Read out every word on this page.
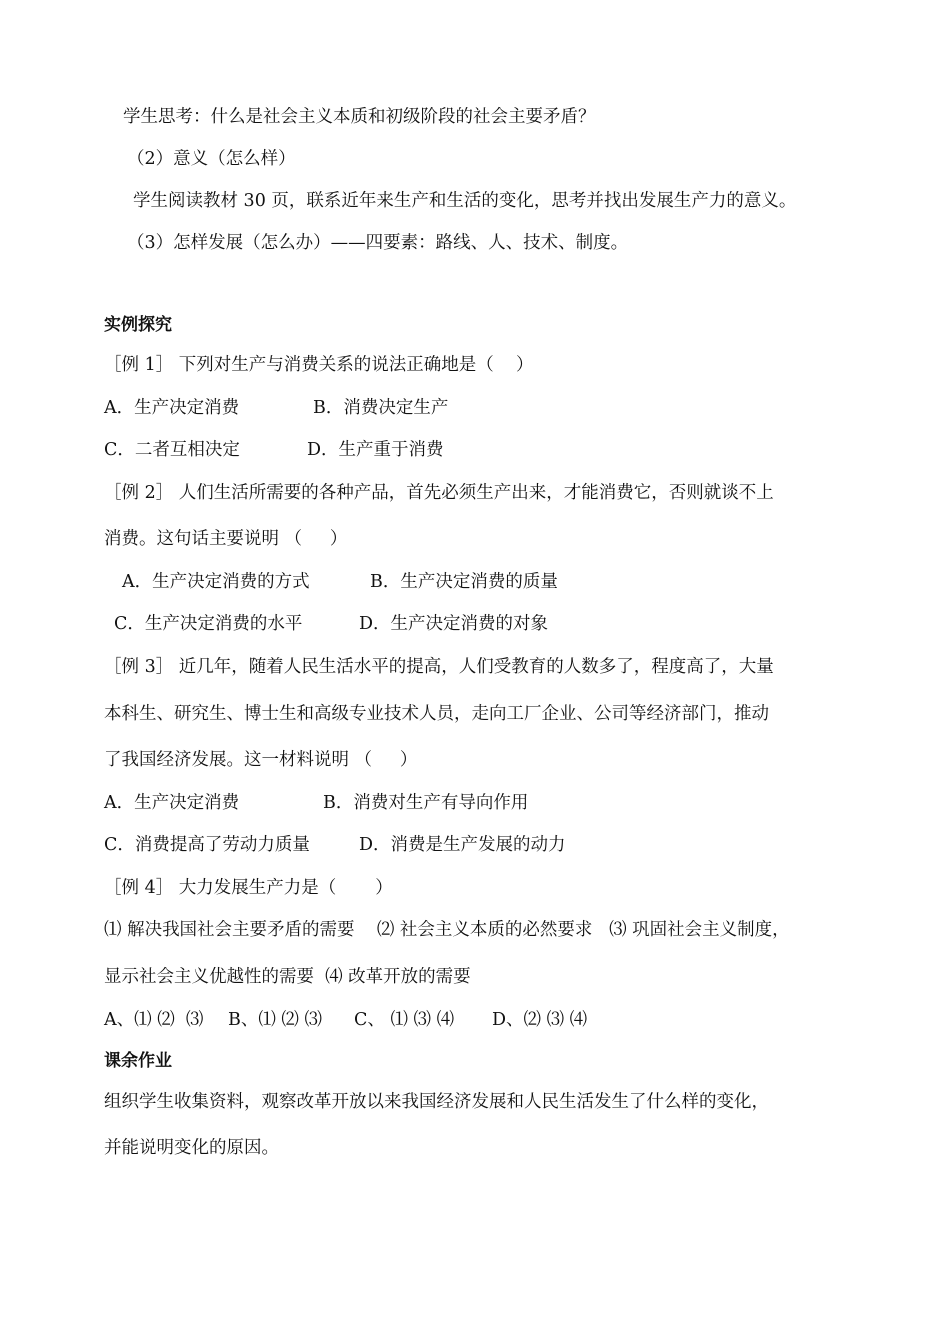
学生思考：什么是社会主义本质和初级阶段的社会主要矛盾？
（2）意义（怎么样）
学生阅读教材 30 页，联系近年来生产和生活的变化，思考并找出发展生产力的意义。
（3）怎样发展（怎么办）——四要素：路线、人、技术、制度。
实例探究
［例 1］ 下列对生产与消费关系的说法正确地是（    ）
A．生产决定消费	B．消费决定生产
C．二者互相决定	D．生产重于消费
［例 2］ 人们生活所需要的各种产品，首先必须生产出来，才能消费它，否则就谈不上
消费。这句话主要说明 （     ）
A．生产决定消费的方式	B．生产决定消费的质量
C．生产决定消费的水平	D．生产决定消费的对象
［例 3］ 近几年，随着人民生活水平的提高，人们受教育的人数多了，程度高了，大量
本科生、研究生、博士生和高级专业技术人员，走向工厂企业、公司等经济部门，推动
了我国经济发展。这一材料说明 （     ）
A．生产决定消费	B．消费对生产有导向作用
C．消费提高了劳动力质量	D．消费是生产发展的动力
［例 4］ 大力发展生产力是（       ）
⑴ 解决我国社会主要矛盾的需要    ⑵ 社会主义本质的必然要求   ⑶ 巩固社会主义制度，
显示社会主义优越性的需要  ⑷ 改革开放的需要
A、⑴ ⑵  ⑶ B、⑴ ⑵ ⑶ C、 ⑴ ⑶ ⑷ D、⑵ ⑶ ⑷
课余作业
组织学生收集资料，观察改革开放以来我国经济发展和人民生活发生了什么样的变化，
并能说明变化的原因。
